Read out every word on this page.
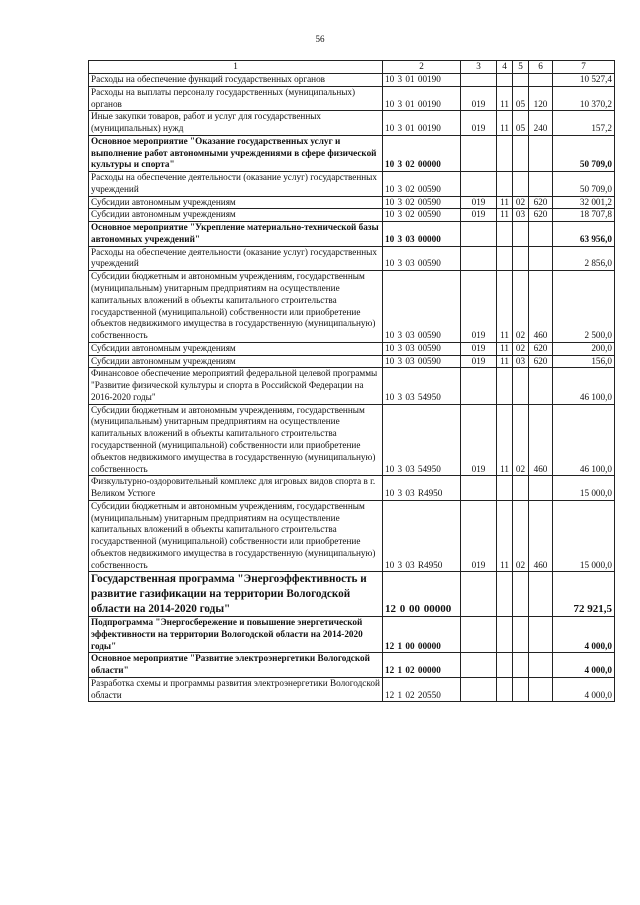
56
1	2	3	4	5	6	7
Расходы на обеспечение функций государственных органов	10 3 01 00190					10 527,4
Расходы на выплаты персоналу государственных (муниципальных) органов	10 3 01 00190	019	11	05	120	10 370,2
Иные закупки товаров, работ и услуг для государственных (муниципальных) нужд	10 3 01 00190	019	11	05	240	157,2
Основное мероприятие "Оказание государственных услуг и выполнение работ автономными учреждениями в сфере физической культуры и спорта"	10 3 02 00000					50 709,0
Расходы на обеспечение деятельности (оказание услуг) государственных учреждений	10 3 02 00590					50 709,0
Субсидии автономным учреждениям	10 3 02 00590	019	11	02	620	32 001,2
Субсидии автономным учреждениям	10 3 02 00590	019	11	03	620	18 707,8
Основное мероприятие "Укрепление материально-технической базы автономных учреждений"	10 3 03 00000					63 956,0
Расходы на обеспечение деятельности (оказание услуг) государственных учреждений	10 3 03 00590					2 856,0
Субсидии бюджетным и автономным учреждениям, государственным (муниципальным) унитарным предприятиям на осуществление капитальных вложений в объекты капитального строительства государственной (муниципальной) собственности или приобретение объектов недвижимого имущества в государственную (муниципальную) собственность	10 3 03 00590	019	11	02	460	2 500,0
Субсидии автономным учреждениям	10 3 03 00590	019	11	02	620	200,0
Субсидии автономным учреждениям	10 3 03 00590	019	11	03	620	156,0
Финансовое обеспечение мероприятий федеральной целевой программы "Развитие физической культуры и спорта в Российской Федерации на 2016-2020 годы"	10 3 03 54950					46 100,0
Субсидии бюджетным и автономным учреждениям, государственным (муниципальным) унитарным предприятиям на осуществление капитальных вложений в объекты капитального строительства государственной (муниципальной) собственности или приобретение объектов недвижимого имущества в государственную (муниципальную) собственность	10 3 03 54950	019	11	02	460	46 100,0
Физкультурно-оздоровительный комплекс для игровых видов спорта в г. Великом Устюге	10 3 03 R4950					15 000,0
Субсидии бюджетным и автономным учреждениям, государственным (муниципальным) унитарным предприятиям на осуществление капитальных вложений в объекты капитального строительства государственной (муниципальной) собственности или приобретение объектов недвижимого имущества в государственную (муниципальную) собственность	10 3 03 R4950	019	11	02	460	15 000,0
Государственная программа "Энергоэффективность и развитие газификации на территории Вологодской области на 2014-2020 годы"	12 0 00 00000					72 921,5
Подпрограмма "Энергосбережение и повышение энергетической эффективности на территории Вологодской области на 2014-2020 годы"	12 1 00 00000					4 000,0
Основное мероприятие "Развитие электроэнергетики Вологодской области"	12 1 02 00000					4 000,0
Разработка схемы и программы развития электроэнергетики Вологодской области	12 1 02 20550					4 000,0
